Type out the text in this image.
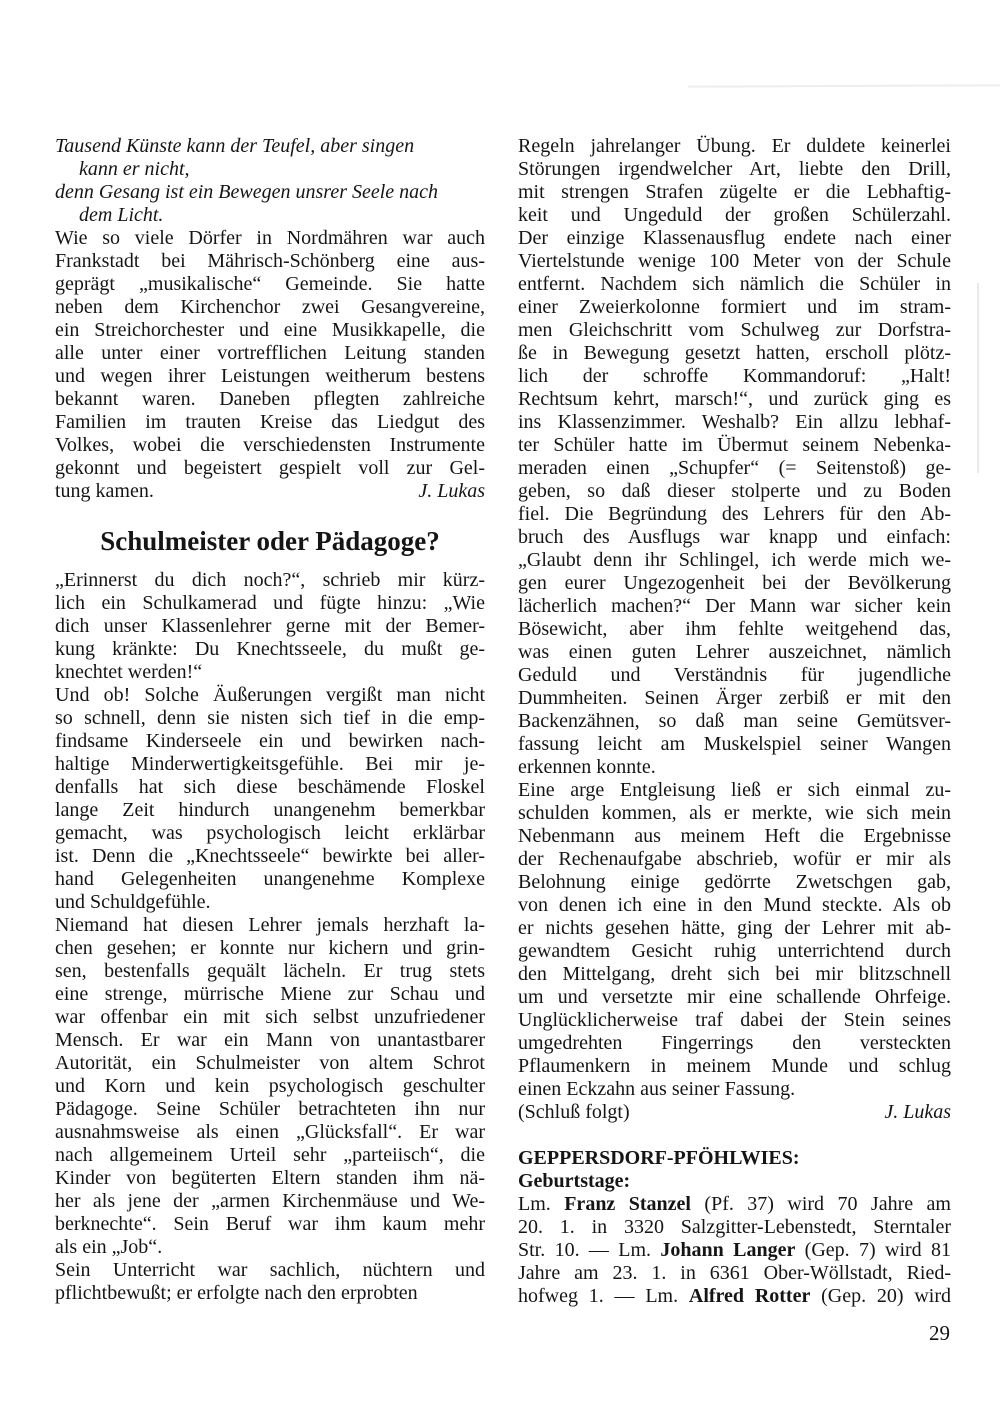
Tausend Künste kann der Teufel, aber singen
kann er nicht,
denn Gesang ist ein Bewegen unsrer Seele nach
dem Licht.
Wie so viele Dörfer in Nordmähren war auch
Frankstadt bei Mährisch-Schönberg eine aus-
geprägt „musikalische“ Gemeinde. Sie hatte
neben dem Kirchenchor zwei Gesangvereine,
ein Streichorchester und eine Musikkapelle, die
alle unter einer vortrefflichen Leitung standen
und wegen ihrer Leistungen weitherum bestens
bekannt waren. Daneben pflegten zahlreiche
Familien im trauten Kreise das Liedgut des
Volkes, wobei die verschiedensten Instrumente
gekonnt und begeistert gespielt voll zur Gel-
tung kamen.	J. Lukas
Schulmeister oder Pädagoge?
„Erinnerst du dich noch?“, schrieb mir kürz-
lich ein Schulkamerad und fügte hinzu: „Wie
dich unser Klassenlehrer gerne mit der Bemer-
kung kränkte: Du Knechtsseele, du mußt ge-
knechtet werden!“
Und ob! Solche Äußerungen vergißt man nicht
so schnell, denn sie nisten sich tief in die emp-
findsame Kinderseele ein und bewirken nach-
haltige Minderwertigkeitsgefühle. Bei mir je-
denfalls hat sich diese beschämende Floskel
lange Zeit hindurch unangenehm bemerkbar
gemacht, was psychologisch leicht erklärbar
ist. Denn die „Knechtsseele“ bewirkte bei aller-
hand Gelegenheiten unangenehme Komplexe
und Schuldgefühle.
Niemand hat diesen Lehrer jemals herzhaft la-
chen gesehen; er konnte nur kichern und grin-
sen, bestenfalls gequält lächeln. Er trug stets
eine strenge, mürrische Miene zur Schau und
war offenbar ein mit sich selbst unzufriedener
Mensch. Er war ein Mann von unantastbarer
Autorität, ein Schulmeister von altem Schrot
und Korn und kein psychologisch geschulter
Pädagoge. Seine Schüler betrachteten ihn nur
ausnahmsweise als einen „Glücksfall“. Er war
nach allgemeinem Urteil sehr „parteiisch“, die
Kinder von begüterten Eltern standen ihm nä-
her als jene der „armen Kirchenmäuse und We-
berknechte“. Sein Beruf war ihm kaum mehr
als ein „Job“.
Sein Unterricht war sachlich, nüchtern und
pflichtbewußt; er erfolgte nach den erprobten
Regeln jahrelanger Übung. Er duldete keinerlei
Störungen irgendwelcher Art, liebte den Drill,
mit strengen Strafen zügelte er die Lebhaftig-
keit und Ungeduld der großen Schülerzahl.
Der einzige Klassenausflug endete nach einer
Viertelstunde wenige 100 Meter von der Schule
entfernt. Nachdem sich nämlich die Schüler in
einer Zweierkolonne formiert und im stram-
men Gleichschritt vom Schulweg zur Dorfstra-
ße in Bewegung gesetzt hatten, erscholl plötz-
lich der schroffe Kommandoruf: „Halt!
Rechtsum kehrt, marsch!“, und zurück ging es
ins Klassenzimmer. Weshalb? Ein allzu lebhaf-
ter Schüler hatte im Übermut seinem Nebenka-
meraden einen „Schupfer“ (= Seitenstoß) ge-
geben, so daß dieser stolperte und zu Boden
fiel. Die Begründung des Lehrers für den Ab-
bruch des Ausflugs war knapp und einfach:
„Glaubt denn ihr Schlingel, ich werde mich we-
gen eurer Ungezogenheit bei der Bevölkerung
lächerlich machen?“ Der Mann war sicher kein
Bösewicht, aber ihm fehlte weitgehend das,
was einen guten Lehrer auszeichnet, nämlich
Geduld und Verständnis für jugendliche
Dummheiten. Seinen Ärger zerbiß er mit den
Backenzähnen, so daß man seine Gemütsver-
fassung leicht am Muskelspiel seiner Wangen
erkennen konnte.
Eine arge Entgleisung ließ er sich einmal zu-
schulden kommen, als er merkte, wie sich mein
Nebenmann aus meinem Heft die Ergebnisse
der Rechenaufgabe abschrieb, wofür er mir als
Belohnung einige gedörrte Zwetschgen gab,
von denen ich eine in den Mund steckte. Als ob
er nichts gesehen hätte, ging der Lehrer mit ab-
gewandtem Gesicht ruhig unterrichtend durch
den Mittelgang, dreht sich bei mir blitzschnell
um und versetzte mir eine schallende Ohrfeige.
Unglücklicherweise traf dabei der Stein seines
umgedrehten Fingerrings den versteckten
Pflaumenkern in meinem Munde und schlug
einen Eckzahn aus seiner Fassung.
(Schluß folgt)	J. Lukas
GEPPERSDORF-PFÖHLWIES:
Geburtstage:
Lm. Franz Stanzel (Pf. 37) wird 70 Jahre am
20. 1. in 3320 Salzgitter-Lebenstedt, Sterntaler
Str. 10. — Lm. Johann Langer (Gep. 7) wird 81
Jahre am 23. 1. in 6361 Ober-Wöllstadt, Ried-
hofweg 1. — Lm. Alfred Rotter (Gep. 20) wird
29
